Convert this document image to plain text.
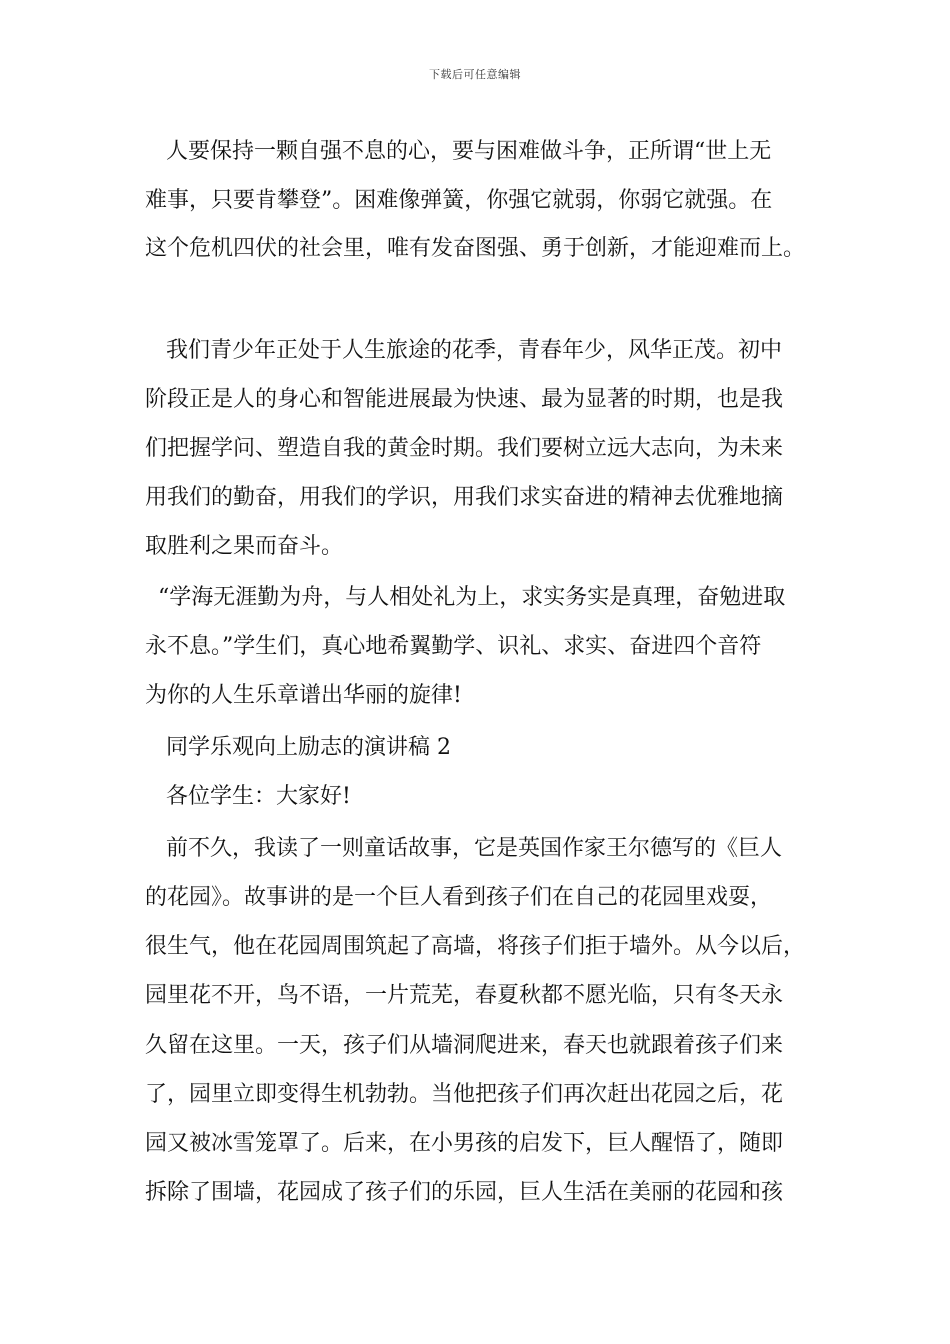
下载后可任意编辑
人要保持一颗自强不息的心，要与困难做斗争，正所谓“世上无
难事，只要肯攀登”。困难像弹簧，你强它就弱，你弱它就强。在
这个危机四伏的社会里，唯有发奋图强、勇于创新，才能迎难而上。
我们青少年正处于人生旅途的花季，青春年少，风华正茂。初中
阶段正是人的身心和智能进展最为快速、最为显著的时期，也是我
们把握学问、塑造自我的黄金时期。我们要树立远大志向，为未来
用我们的勤奋，用我们的学识，用我们求实奋进的精神去优雅地摘
取胜利之果而奋斗。
“学海无涯勤为舟，与人相处礼为上，求实务实是真理，奋勉进取
永不息。”学生们，真心地希翼勤学、识礼、求实、奋进四个音符
为你的人生乐章谱出华丽的旋律!
同学乐观向上励志的演讲稿 2
各位学生：大家好!
前不久，我读了一则童话故事，它是英国作家王尔德写的《巨人
的花园》。故事讲的是一个巨人看到孩子们在自己的花园里戏耍，
很生气，他在花园周围筑起了高墙，将孩子们拒于墙外。从今以后，
园里花不开，鸟不语，一片荒芜，春夏秋都不愿光临，只有冬天永
久留在这里。一天，孩子们从墙洞爬进来，春天也就跟着孩子们来
了，园里立即变得生机勃勃。当他把孩子们再次赶出花园之后，花
园又被冰雪笼罩了。后来，在小男孩的启发下，巨人醒悟了，随即
拆除了围墙，花园成了孩子们的乐园，巨人生活在美丽的花园和孩
